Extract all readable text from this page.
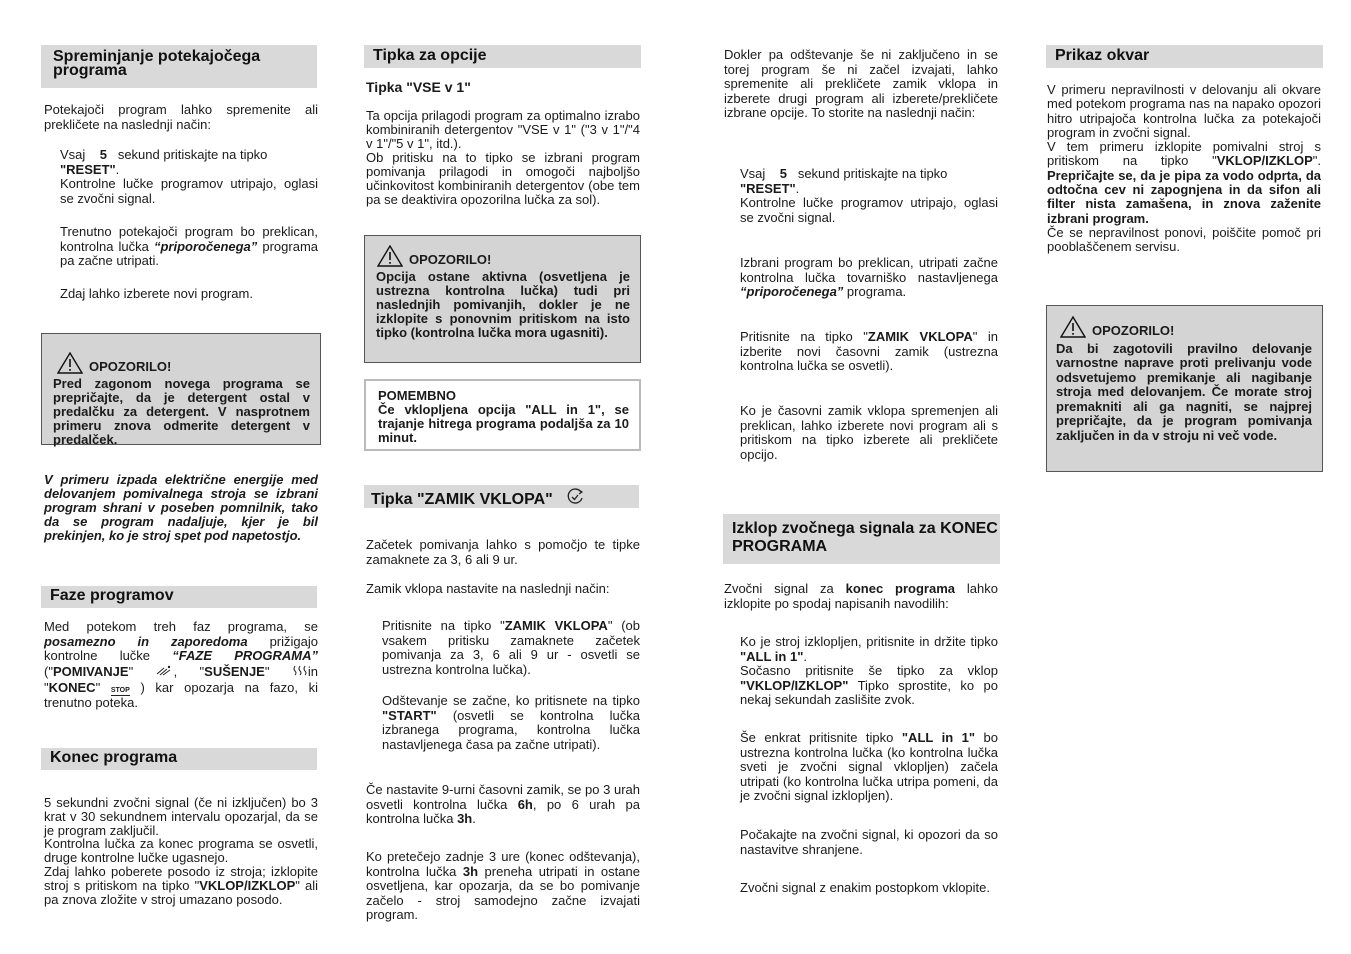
Spreminjanje potekajočega programa
Potekajoči program lahko spremenite ali prekličete na naslednji način:
Vsaj 5 sekund pritiskajte na tipko
"RESET".
Kontrolne lučke programov utripajo, oglasi se zvočni signal.
Trenutno potekajoči program bo preklican, kontrolna lučka “priporočenega” programa pa začne utripati.
Zdaj lahko izberete novi program.
OPOZORILO!
Pred zagonom novega programa se prepričajte, da je detergent ostal v predalčku za detergent. V nasprotnem primeru znova odmerite detergent v predalček.
V primeru izpada električne energije med delovanjem pomivalnega stroja se izbrani program shrani v poseben pomnilnik, tako da se program nadaljuje, kjer je bil prekinjen, ko je stroj spet pod napetostjo.
Faze programov
Med potekom treh faz programa, se posamezno in zaporedoma prižigajo kontrolne lučke “FAZE PROGRAMA” ("POMIVANJE"	, "SUŠENJE"	in "KONEC" STOP ) kar opozarja na fazo, ki trenutno poteka.
Konec programa
5 sekundni zvočni signal (če ni izključen) bo 3 krat v 30 sekundnem intervalu opozarjal, da se je program zaključil.
Kontrolna lučka za konec programa se osvetli, druge kontrolne lučke ugasnejo.
Zdaj lahko poberete posodo iz stroja; izklopite stroj s pritiskom na tipko "VKLOP/IZKLOP" ali pa znova zložite v stroj umazano posodo.
Tipka za opcije
Tipka "VSE v 1"
Ta opcija prilagodi program za optimalno izrabo kombiniranih detergentov "VSE v 1" ("3 v 1"/"4 v 1"/"5 v 1", itd.).
Ob pritisku na to tipko se izbrani program pomivanja prilagodi in omogoči najboljšo učinkovitost kombiniranih detergentov (obe tem pa se deaktivira opozorilna lučka za sol).
OPOZORILO!
Opcija ostane aktivna (osvetljena je ustrezna kontrolna lučka) tudi pri naslednjih pomivanjih, dokler je ne izklopite s ponovnim pritiskom na isto tipko (kontrolna lučka mora ugasniti).
POMEMBNO
Če vklopljena opcija "ALL in 1", se trajanje hitrega programa podaljša za 10 minut.
Tipka "ZAMIK VKLOPA"
Začetek pomivanja lahko s pomočjo te tipke zamaknete za 3, 6 ali 9 ur.
Zamik vklopa nastavite na naslednji način:
Pritisnite na tipko "ZAMIK VKLOPA" (ob vsakem pritisku zamaknete začetek pomivanja za 3, 6 ali 9 ur - osvetli se ustrezna kontrolna lučka).
Odštevanje se začne, ko pritisnete na tipko "START" (osvetli se kontrolna lučka izbranega programa, kontrolna lučka nastavljenega časa pa začne utripati).
Če nastavite 9-urni časovni zamik, se po 3 urah osvetli kontrolna lučka 6h, po 6 urah pa kontrolna lučka 3h.
Ko pretečejo zadnje 3 ure (konec odštevanja), kontrolna lučka 3h preneha utripati in ostane osvetljena, kar opozarja, da se bo pomivanje začelo - stroj samodejno začne izvajati program.
Dokler pa odštevanje še ni zaključeno in se torej program še ni začel izvajati, lahko spremenite ali prekličete zamik vklopa in izberete drugi program ali izberete/prekličete izbrane opcije. To storite na naslednji način:
Vsaj 5 sekund pritiskajte na tipko
"RESET".
Kontrolne lučke programov utripajo, oglasi se zvočni signal.
Izbrani program bo preklican, utripati začne kontrolna lučka tovarniško nastavljenega “priporočenega” programa.
Pritisnite na tipko "ZAMIK VKLOPA" in izberite novi časovni zamik (ustrezna kontrolna lučka se osvetli).
Ko je časovni zamik vklopa spremenjen ali preklican, lahko izberete novi program ali s pritiskom na tipko izberete ali prekličete opcijo.
Izklop zvočnega signala za KONEC PROGRAMA
Zvočni signal za konec programa lahko izklopite po spodaj napisanih navodilih:
Ko je stroj izklopljen, pritisnite in držite tipko "ALL in 1".
Sočasno pritisnite še tipko za vklop "VKLOP/IZKLOP" Tipko sprostite, ko po nekaj sekundah zaslišite zvok.
Še enkrat pritisnite tipko "ALL in 1" bo ustrezna kontrolna lučka (ko kontrolna lučka sveti je zvočni signal vklopljen) začela utripati (ko kontrolna lučka utripa pomeni, da je zvočni signal izklopljen).
Počakajte na zvočni signal, ki opozori da so nastavitve shranjene.
Zvočni signal z enakim postopkom vklopite.
Prikaz okvar
V primeru nepravilnosti v delovanju ali okvare med potekom programa nas na napako opozori hitro utripajoča kontrolna lučka za potekajoči program in zvočni signal.
V tem primeru izklopite pomivalni stroj s pritiskom na tipko "VKLOP/IZKLOP". Prepričajte se, da je pipa za vodo odprta, da odtočna cev ni zapognjena in da sifon ali filter nista zamašena, in znova zaženite izbrani program.
Če se nepravilnost ponovi, poiščite pomoč pri pooblaščenem servisu.
OPOZORILO!
Da bi zagotovili pravilno delovanje varnostne naprave proti prelivanju vode odsvetujemo premikanje ali nagibanje stroja med delovanjem. Če morate stroj premakniti ali ga nagniti, se najprej prepričajte, da je program pomivanja zaključen in da v stroju ni več vode.
